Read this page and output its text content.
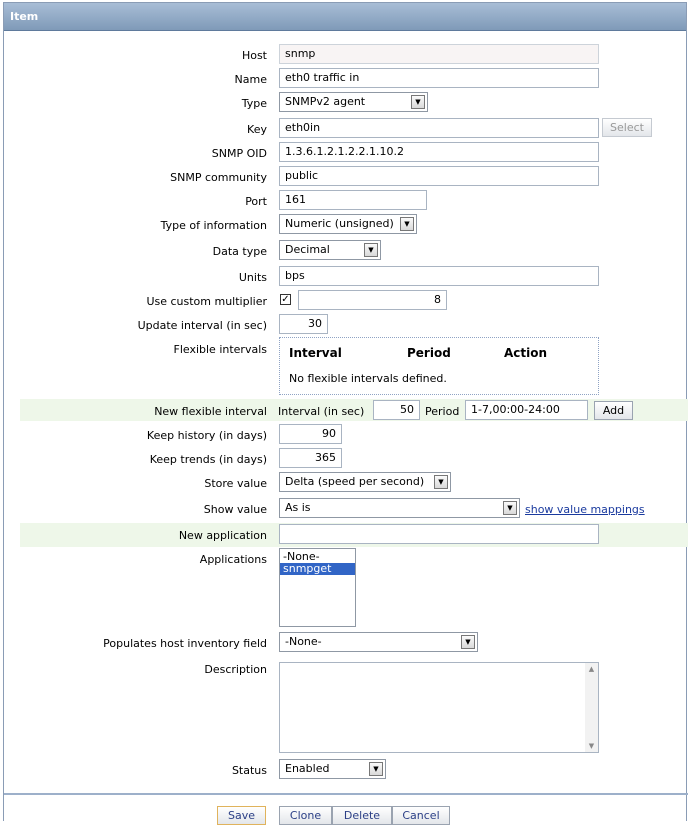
Item
Host	snmp
Name	eth0 traffic in
Type	SNMPv2 agent	▼
Key	eth0in	Select
SNMP OID	1.3.6.1.2.1.2.2.1.10.2
SNMP community	public
Port	161
Type of information	Numeric (unsigned)	▼
Data type	Decimal	▼
Units	bps
Use custom multiplier ✓	8
Update interval (in sec)	30
Flexible intervals Interval	Period	Action
No flexible intervals defined.
New flexible interval Interval (in sec)	50	Period	1-7,00:00-24:00	Add
Keep history (in days)	90
Keep trends (in days)	365
Store value	Delta (speed per second)	▼
Show value	As is	▼	show value mappings
New application
Applications -None-
snmpget
Populates host inventory field	-None-	▼
Description	▲
▼
Status	Enabled	▼
Save	Clone	Delete	Cancel
